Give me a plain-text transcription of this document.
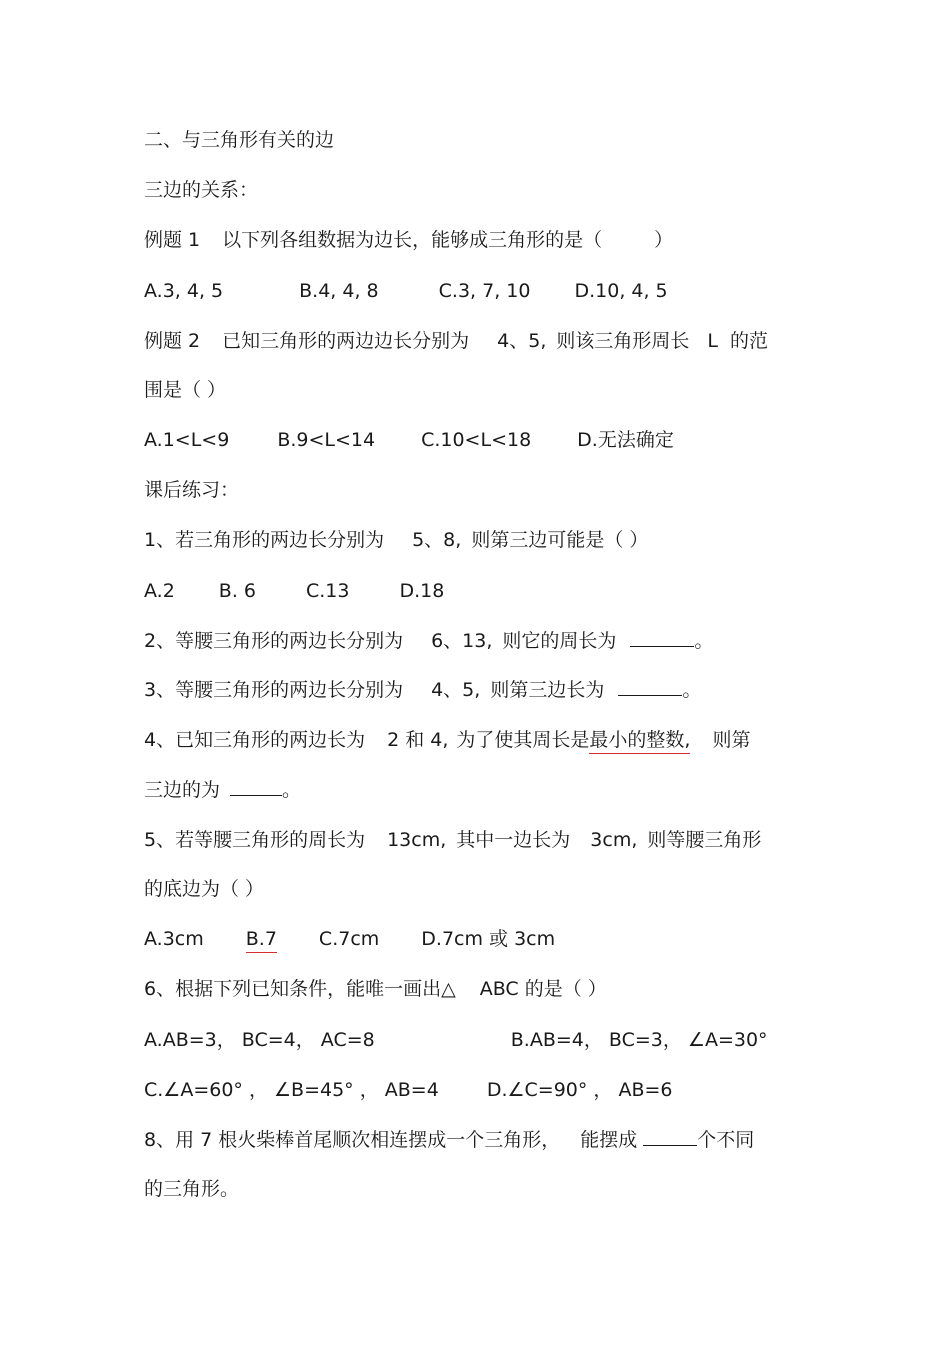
二、与三角形有关的边
三边的关系：
例题 1 以下列各组数据为边长，能够成三角形的是（	）
A.3, 4, 5	B.4, 4, 8	C.3, 7, 10 D.10, 4, 5
例题 2 已知三角形的两边边长分别为 4、5, 则该三角形周长 L 的范
围是（ ）
A.1<L<9	B.9<L<14 C.10<L<18 D.无法确定
课后练习：
1、若三角形的两边长分别为 5、8, 则第三边可能是（ ）
A.2 B. 6	C.13	D.18
2、等腰三角形的两边长分别为 6、13, 则它的周长为	。
3、等腰三角形的两边长分别为 4、5, 则第三边长为	。
4、已知三角形的两边长为 2 和 4, 为了使其周长是最小的整数, 则第
三边的为	。
5、若等腰三角形的周长为 13cm, 其中一边长为 3cm, 则等腰三角形
的底边为（ ）
A.3cm B.7 C.7cm D.7cm 或 3cm
6、根据下列已知条件，能唯一画出△ ABC 的是（ ）
A.AB=3， BC=4， AC=8	B.AB=4， BC=3， ∠A=30°
C.∠A=60° ， ∠B=45° ， AB=4	D.∠C=90° ， AB=6
8、用 7 根火柴棒首尾顺次相连摆成一个三角形， 能摆成	个不同
的三角形。
